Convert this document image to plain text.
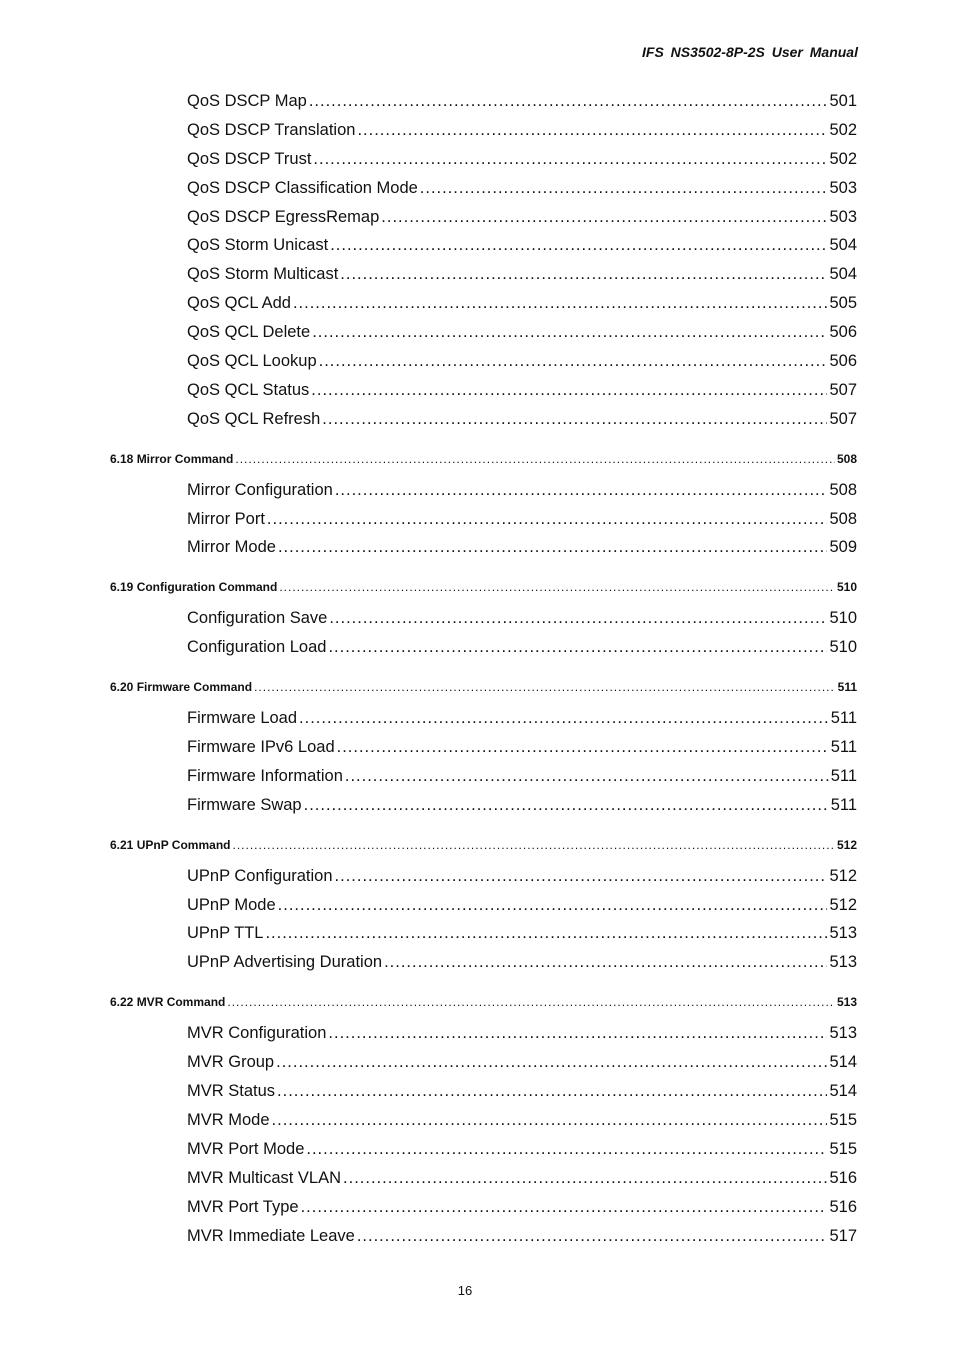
IFS NS3502-8P-2S User Manual
QoS DSCP Map .....	501
QoS DSCP Translation .....	502
QoS DSCP Trust .....	502
QoS DSCP Classification Mode .....	503
QoS DSCP EgressRemap .....	503
QoS Storm Unicast .....	504
QoS Storm Multicast .....	504
QoS QCL Add .....	505
QoS QCL Delete .....	506
QoS QCL Lookup .....	506
QoS QCL Status .....	507
QoS QCL Refresh .....	507
6.18 Mirror Command .....	508
Mirror Configuration .....	508
Mirror Port .....	508
Mirror Mode .....	509
6.19 Configuration Command .....	510
Configuration Save .....	510
Configuration Load .....	510
6.20 Firmware Command .....	511
Firmware Load .....	511
Firmware IPv6 Load .....	511
Firmware Information .....	511
Firmware Swap .....	511
6.21 UPnP Command .....	512
UPnP Configuration .....	512
UPnP Mode .....	512
UPnP TTL .....	513
UPnP Advertising Duration .....	513
6.22 MVR Command .....	513
MVR Configuration .....	513
MVR Group .....	514
MVR Status .....	514
MVR Mode .....	515
MVR Port Mode .....	515
MVR Multicast VLAN .....	516
MVR Port Type .....	516
MVR Immediate Leave .....	517
16
